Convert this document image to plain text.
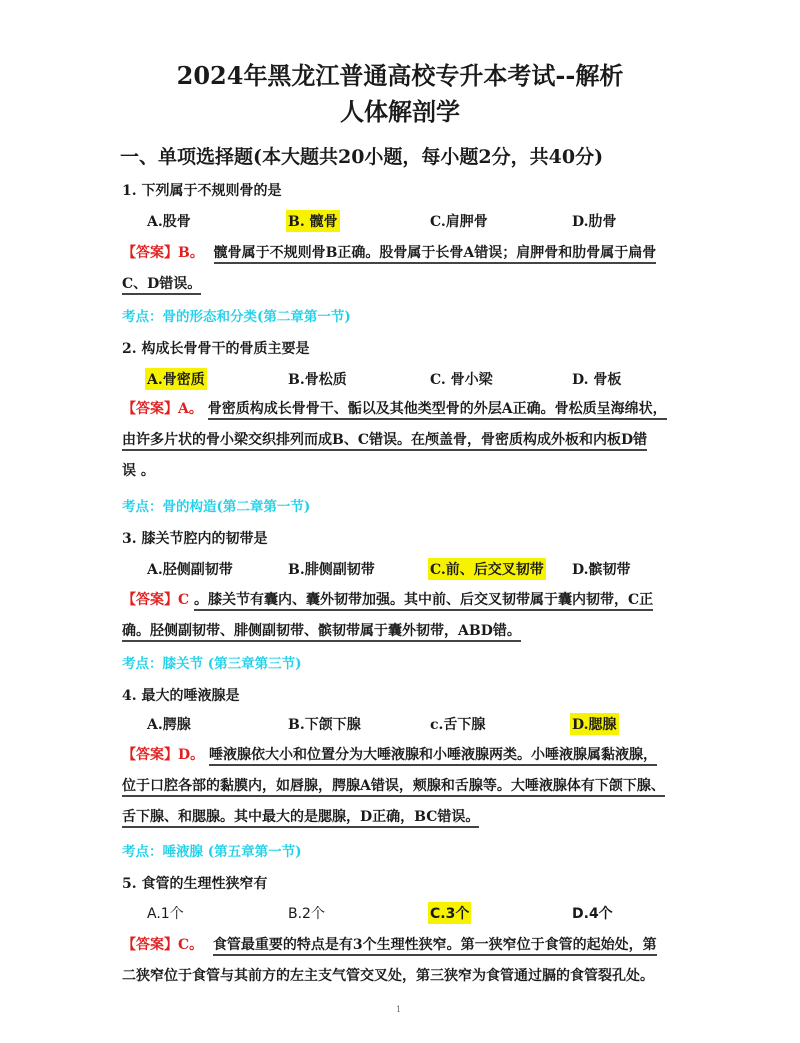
2024年黑龙江普通高校专升本考试--解析
人体解剖学
一、单项选择题(本大题共20小题，每小题2分，共40分)
1. 下列属于不规则骨的是
A.股骨	B. 髋骨	C.肩胛骨	D.肋骨
【答案】B。 髋骨属于不规则骨B正确。股骨属于长骨A错误；肩胛骨和肋骨属于扁骨
C、D错误。
考点：骨的形态和分类(第二章第一节)
2. 构成长骨骨干的骨质主要是
A.骨密质	B.骨松质	C. 骨小梁	D. 骨板
【答案】A。 骨密质构成长骨骨干、骺以及其他类型骨的外层A正确。骨松质呈海绵状，
由许多片状的骨小梁交织排列而成B、C错误。在颅盖骨，骨密质构成外板和内板D错
误 。
考点：骨的构造(第二章第一节)
3. 膝关节腔内的韧带是
A.胫侧副韧带	B.腓侧副韧带	C.前、后交叉韧带 D.髌韧带
【答案】C 。膝关节有囊内、囊外韧带加强。其中前、后交叉韧带属于囊内韧带，C正
确。胫侧副韧带、腓侧副韧带、髌韧带属于囊外韧带，ABD错。
考点：膝关节 (第三章第三节)
4. 最大的唾液腺是
A.腭腺	B.下颌下腺	c.舌下腺	D.腮腺
【答案】D。 唾液腺依大小和位置分为大唾液腺和小唾液腺两类。小唾液腺属黏液腺，
位于口腔各部的黏膜内，如唇腺，腭腺A错误，颊腺和舌腺等。大唾液腺体有下颌下腺、
舌下腺、和腮腺。其中最大的是腮腺，D正确，BC错误。
考点：唾液腺 (第五章第一节)
5. 食管的生理性狭窄有
A.1个	B.2个	C.3个	D.4个
【答案】C。 食管最重要的特点是有3个生理性狭窄。第一狭窄位于食管的起始处，第
二狭窄位于食管与其前方的左主支气管交叉处，第三狭窄为食管通过膈的食管裂孔处。
1
